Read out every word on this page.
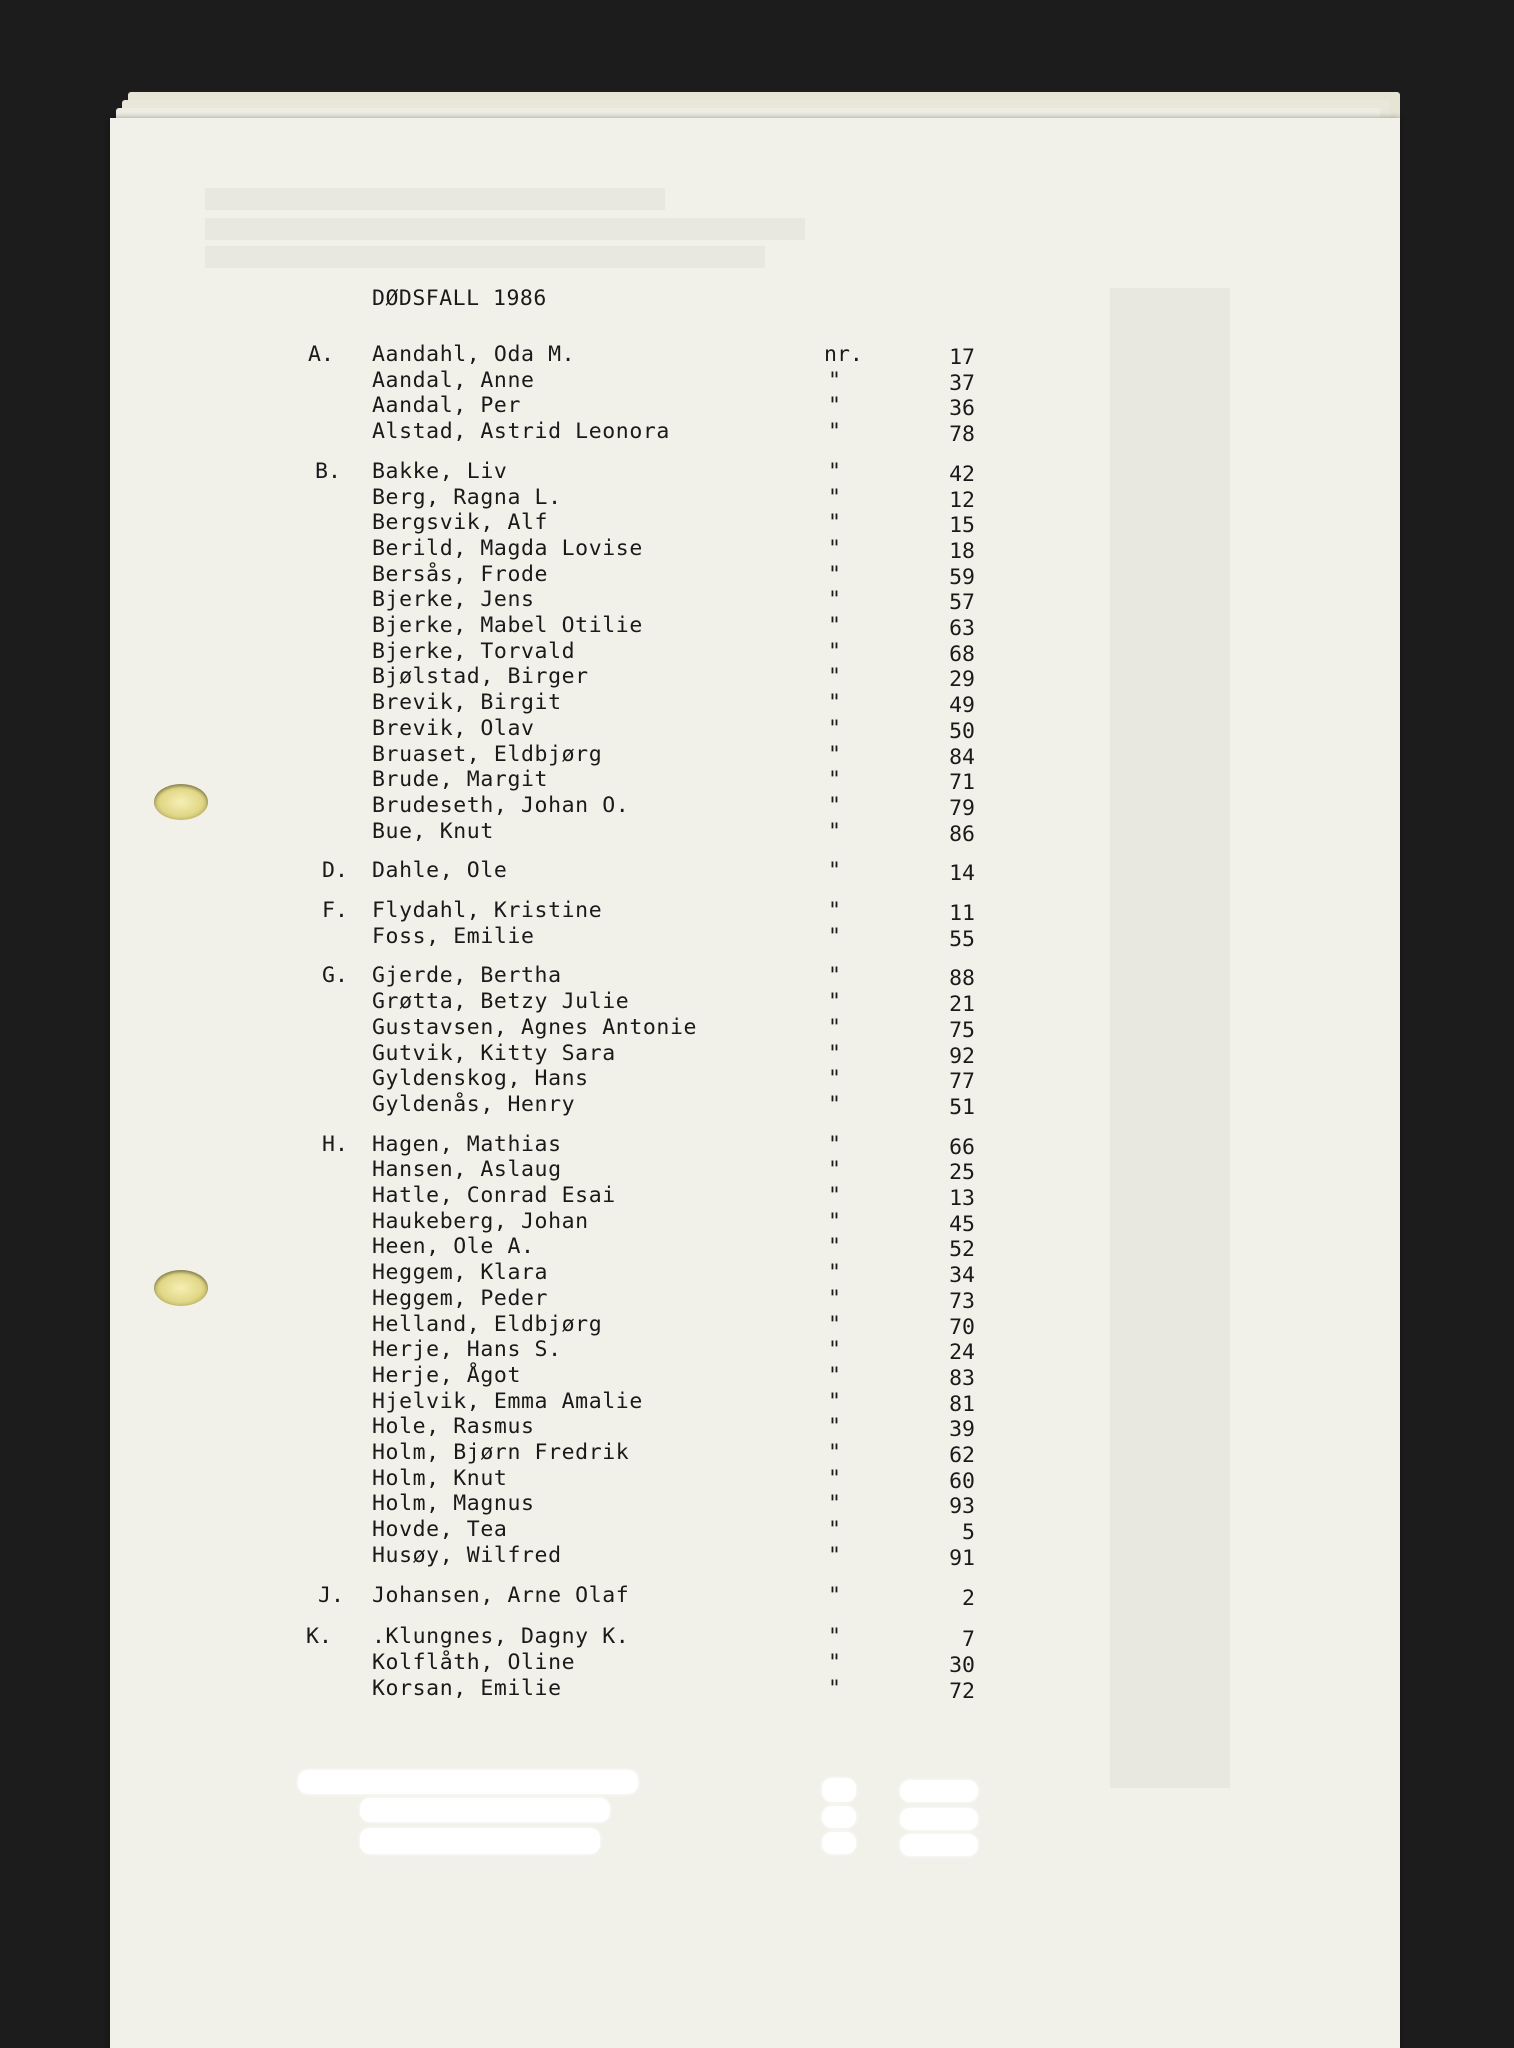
DØDSFALL 1986
A. Aandahl, Oda M.	nr.	17
Aandal, Anne	"	37
Aandal, Per	"	36
Alstad, Astrid Leonora	"	78
B. Bakke, Liv	"	42
Berg, Ragna L.	"	12
Bergsvik, Alf	"	15
Berild, Magda Lovise	"	18
Bersås, Frode	"	59
Bjerke, Jens	"	57
Bjerke, Mabel Otilie	"	63
Bjerke, Torvald	"	68
Bjølstad, Birger	"	29
Brevik, Birgit	"	49
Brevik, Olav	"	50
Bruaset, Eldbjørg	"	84
Brude, Margit	"	71
Brudeseth, Johan O.	"	79
Bue, Knut	"	86
D. Dahle, Ole	"	14
F. Flydahl, Kristine	"	11
Foss, Emilie	"	55
G. Gjerde, Bertha	"	88
Grøtta, Betzy Julie	"	21
Gustavsen, Agnes Antonie	"	75
Gutvik, Kitty Sara	"	92
Gyldenskog, Hans	"	77
Gyldenås, Henry	"	51
H. Hagen, Mathias	"	66
Hansen, Aslaug	"	25
Hatle, Conrad Esai	"	13
Haukeberg, Johan	"	45
Heen, Ole A.	"	52
Heggem, Klara	"	34
Heggem, Peder	"	73
Helland, Eldbjørg	"	70
Herje, Hans S.	"	24
Herje, Ågot	"	83
Hjelvik, Emma Amalie	"	81
Hole, Rasmus	"	39
Holm, Bjørn Fredrik	"	62
Holm, Knut	"	60
Holm, Magnus	"	93
Hovde, Tea	"	5
Husøy, Wilfred	"	91
J. Johansen, Arne Olaf	"	2
K. .Klungnes, Dagny K.	"	7
Kolflåth, Oline	"	30
Korsan, Emilie	"	72
